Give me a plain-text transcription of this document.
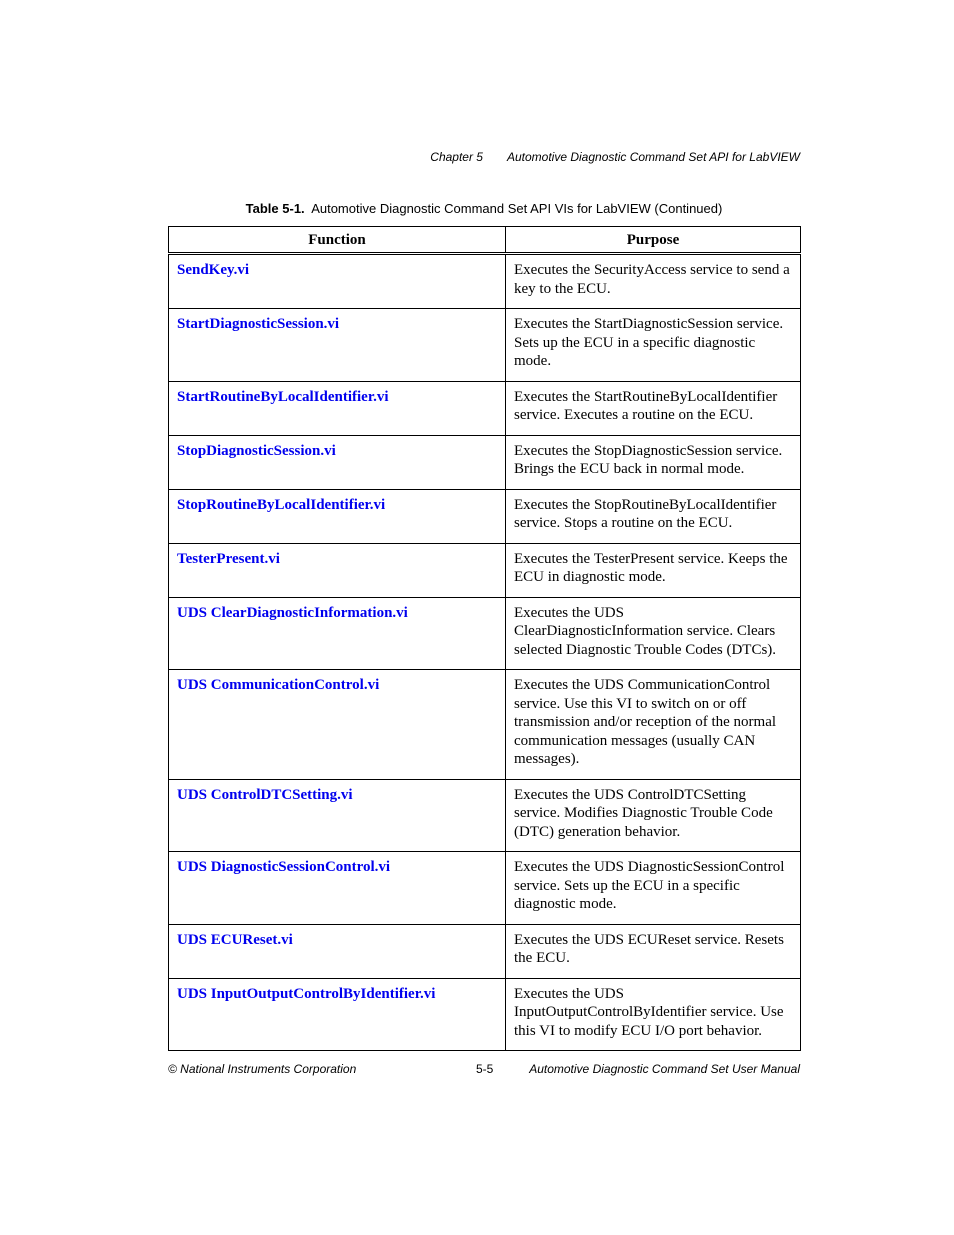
Chapter 5 Automotive Diagnostic Command Set API for LabVIEW
Table 5-1. Automotive Diagnostic Command Set API VIs for LabVIEW (Continued)
Function	Purpose
SendKey.vi	Executes the SecurityAccess service to send a key to the ECU.
StartDiagnosticSession.vi	Executes the StartDiagnosticSession service. Sets up the ECU in a specific diagnostic mode.
StartRoutineByLocalIdentifier.vi	Executes the StartRoutineByLocalIdentifier service. Executes a routine on the ECU.
StopDiagnosticSession.vi	Executes the StopDiagnosticSession service. Brings the ECU back in normal mode.
StopRoutineByLocalIdentifier.vi	Executes the StopRoutineByLocalIdentifier service. Stops a routine on the ECU.
TesterPresent.vi	Executes the TesterPresent service. Keeps the ECU in diagnostic mode.
UDS ClearDiagnosticInformation.vi	Executes the UDS ClearDiagnosticInformation service. Clears selected Diagnostic Trouble Codes (DTCs).
UDS CommunicationControl.vi	Executes the UDS CommunicationControl service. Use this VI to switch on or off transmission and/or reception of the normal communication messages (usually CAN messages).
UDS ControlDTCSetting.vi	Executes the UDS ControlDTCSetting service. Modifies Diagnostic Trouble Code (DTC) generation behavior.
UDS DiagnosticSessionControl.vi	Executes the UDS DiagnosticSessionControl service. Sets up the ECU in a specific diagnostic mode.
UDS ECUReset.vi	Executes the UDS ECUReset service. Resets the ECU.
UDS InputOutputControlByIdentifier.vi	Executes the UDS InputOutputControlByIdentifier service. Use this VI to modify ECU I/O port behavior.
© National Instruments Corporation	5-5	Automotive Diagnostic Command Set User Manual
